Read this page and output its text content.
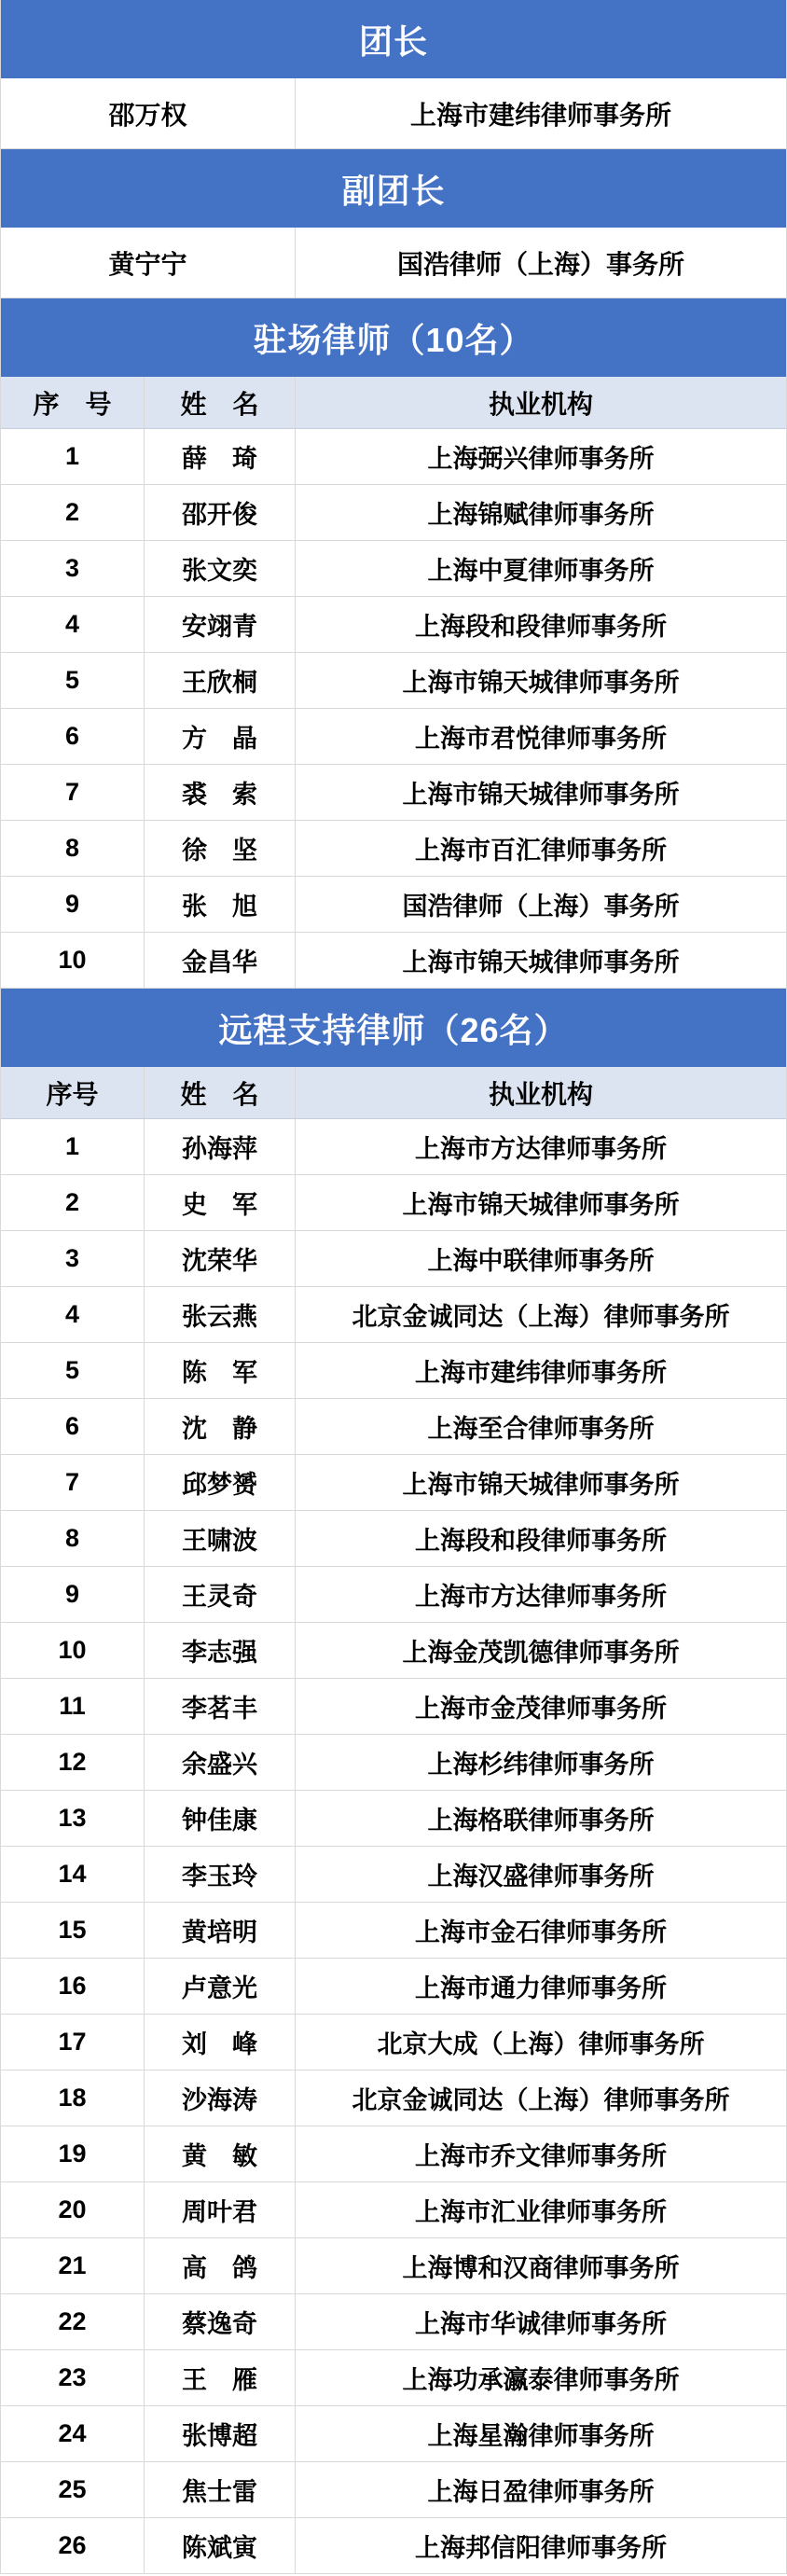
团长
邵万权	上海市建纬律师事务所
副团长
黄宁宁	国浩律师（上海）事务所
驻场律师（10名）
序　号	姓　名	执业机构
1	薛　琦	上海弼兴律师事务所
2	邵开俊	上海锦赋律师事务所
3	张文奕	上海中夏律师事务所
4	安翊青	上海段和段律师事务所
5	王欣桐	上海市锦天城律师事务所
6	方　晶	上海市君悦律师事务所
7	裘　索	上海市锦天城律师事务所
8	徐　坚	上海市百汇律师事务所
9	张　旭	国浩律师（上海）事务所
10	金昌华	上海市锦天城律师事务所
远程支持律师（26名）
序号	姓　名	执业机构
1	孙海萍	上海市方达律师事务所
2	史　军	上海市锦天城律师事务所
3	沈荣华	上海中联律师事务所
4	张云燕	北京金诚同达（上海）律师事务所
5	陈　军	上海市建纬律师事务所
6	沈　静	上海至合律师事务所
7	邱梦赟	上海市锦天城律师事务所
8	王啸波	上海段和段律师事务所
9	王灵奇	上海市方达律师事务所
10	李志强	上海金茂凯德律师事务所
11	李茗丰	上海市金茂律师事务所
12	余盛兴	上海杉纬律师事务所
13	钟佳康	上海格联律师事务所
14	李玉玲	上海汉盛律师事务所
15	黄培明	上海市金石律师事务所
16	卢意光	上海市通力律师事务所
17	刘　峰	北京大成（上海）律师事务所
18	沙海涛	北京金诚同达（上海）律师事务所
19	黄　敏	上海市乔文律师事务所
20	周叶君	上海市汇业律师事务所
21	高　鸽	上海博和汉商律师事务所
22	蔡逸奇	上海市华诚律师事务所
23	王　雁	上海功承瀛泰律师事务所
24	张博超	上海星瀚律师事务所
25	焦士雷	上海日盈律师事务所
26	陈斌寅	上海邦信阳律师事务所
